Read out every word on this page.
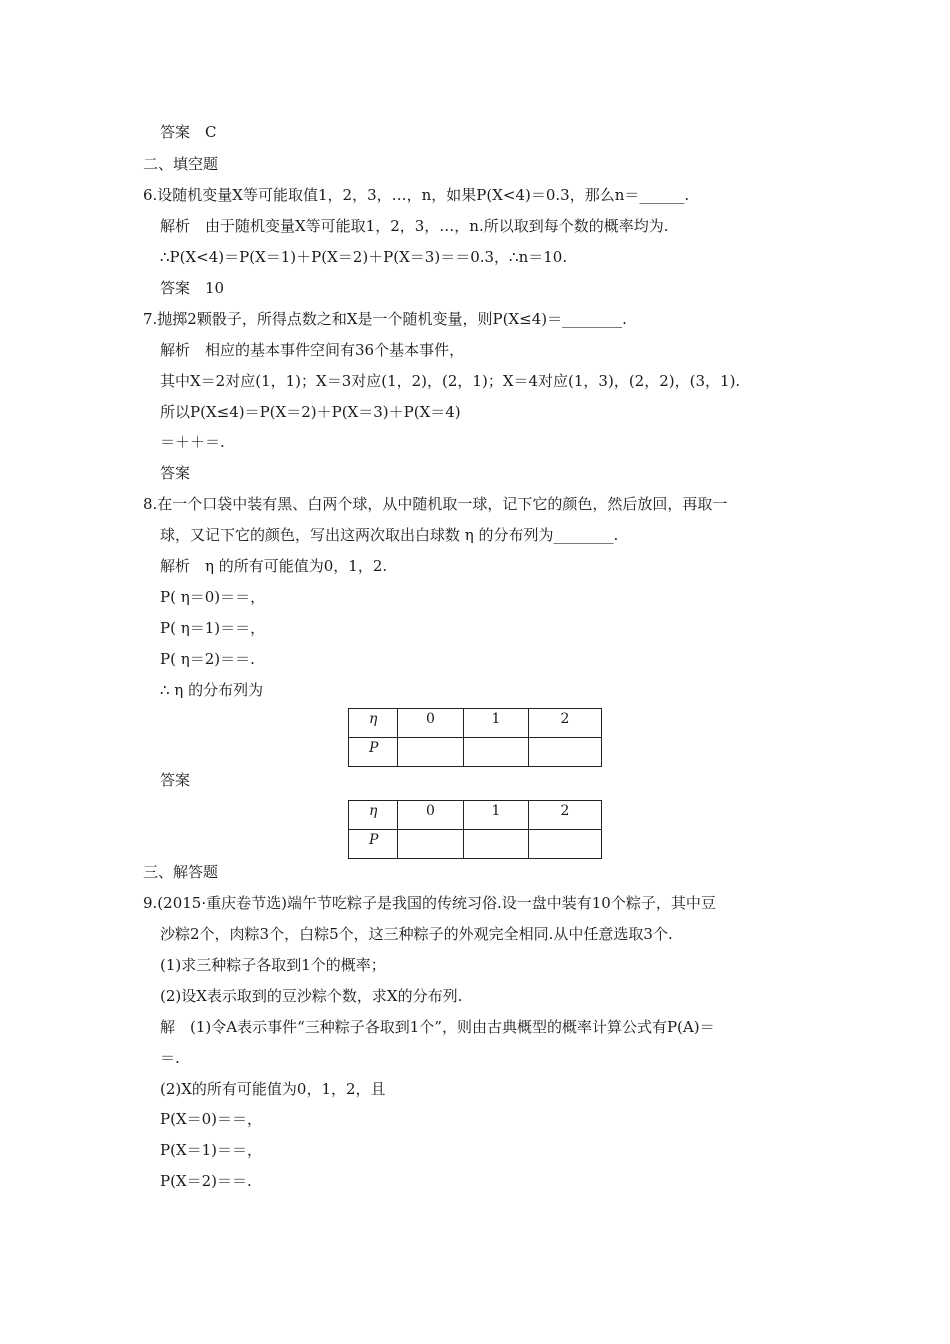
答案　C
二、填空题
6.设随机变量X等可能取值1，2，3，…，n，如果P(X<4)＝0.3，那么n＝______.
解析　由于随机变量X等可能取1，2，3，…，n.所以取到每个数的概率均为.
∴P(X<4)＝P(X＝1)＋P(X＝2)＋P(X＝3)＝＝0.3，∴n＝10.
答案　10
7.抛掷2颗骰子，所得点数之和X是一个随机变量，则P(X≤4)＝________.
解析　相应的基本事件空间有36个基本事件，
其中X＝2对应(1，1)；X＝3对应(1，2)，(2，1)；X＝4对应(1，3)，(2，2)，(3，1).
所以P(X≤4)＝P(X＝2)＋P(X＝3)＋P(X＝4)
＝＋＋＝.
答案
8.在一个口袋中装有黑、白两个球，从中随机取一球，记下它的颜色，然后放回，再取一
球，又记下它的颜色，写出这两次取出白球数 η 的分布列为________.
解析　η 的所有可能值为0，1，2.
P( η＝0)＝＝，
P( η＝1)＝＝，
P( η＝2)＝＝.
∴ η 的分布列为
η	0	1	2
P			
答案
η	0	1	2
P			
三、解答题
9.(2015·重庆卷节选)端午节吃粽子是我国的传统习俗.设一盘中装有10个粽子，其中豆
沙粽2个，肉粽3个，白粽5个，这三种粽子的外观完全相同.从中任意选取3个.
(1)求三种粽子各取到1个的概率；
(2)设X表示取到的豆沙粽个数，求X的分布列.
解　(1)令A表示事件“三种粽子各取到1个”，则由古典概型的概率计算公式有P(A)＝
＝.
(2)X的所有可能值为0，1，2，且
P(X＝0)＝＝，
P(X＝1)＝＝，
P(X＝2)＝＝.
